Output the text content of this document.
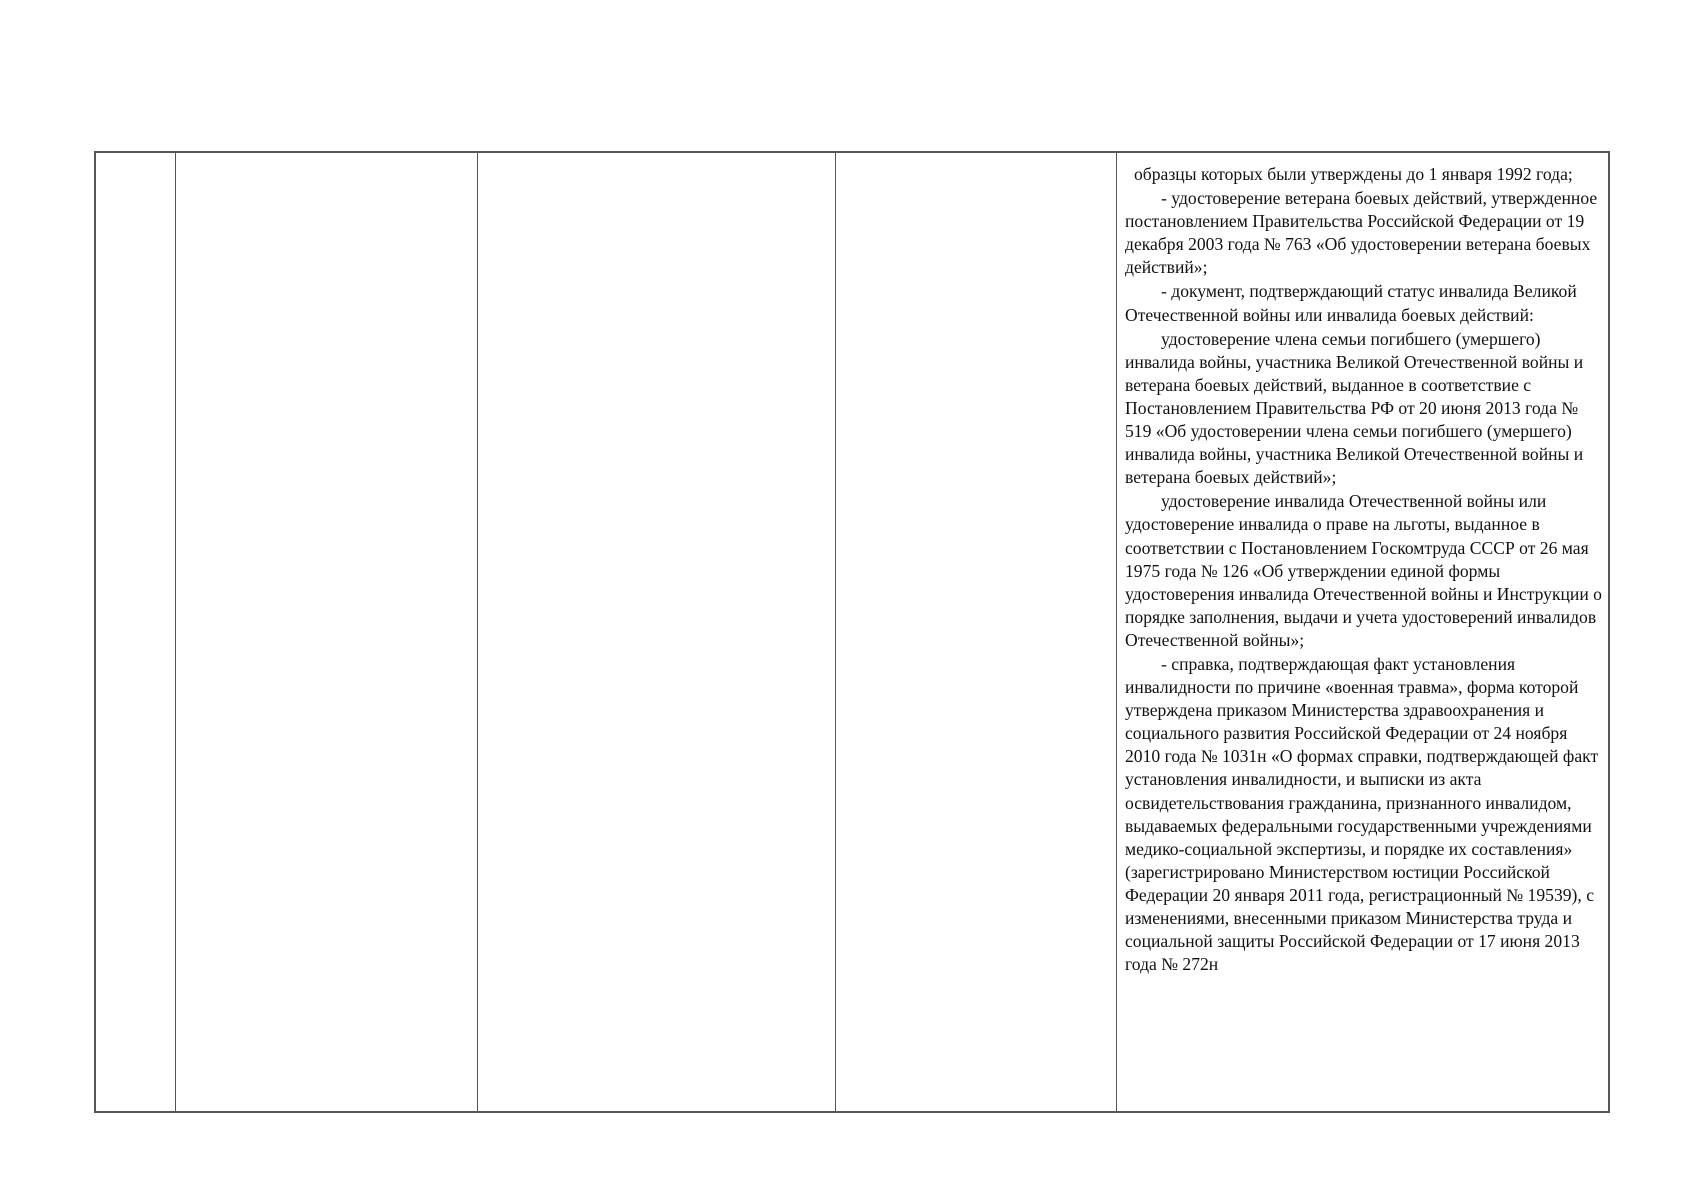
образцы которых были утверждены до 1 января 1992 года;

- удостоверение ветерана боевых действий, утвержденное постановлением Правительства Российской Федерации от 19 декабря 2003 года № 763 «Об удостоверении ветерана боевых действий»;

- документ, подтверждающий статус инвалида Великой Отечественной войны или инвалида боевых действий:

удостоверение члена семьи погибшего (умершего) инвалида войны, участника Великой Отечественной войны и ветерана боевых действий, выданное в соответствие с Постановлением Правительства РФ от 20 июня 2013 года № 519 «Об удостоверении члена семьи погибшего (умершего) инвалида войны, участника Великой Отечественной войны и ветерана боевых действий»;

удостоверение инвалида Отечественной войны или удостоверение инвалида о праве на льготы, выданное в соответствии с Постановлением Госкомтруда СССР от 26 мая 1975 года № 126 «Об утверждении единой формы удостоверения инвалида Отечественной войны и Инструкции о порядке заполнения, выдачи и учета удостоверений инвалидов Отечественной войны»;

- справка, подтверждающая факт установления инвалидности по причине «военная травма», форма которой утверждена приказом Министерства здравоохранения и социального развития Российской Федерации от 24 ноября 2010 года № 1031н «О формах справки, подтверждающей факт установления инвалидности, и выписки из акта освидетельствования гражданина, признанного инвалидом, выдаваемых федеральными государственными учреждениями медико-социальной экспертизы, и порядке их составления» (зарегистрировано Министерством юстиции Российской Федерации 20 января 2011 года, регистрационный № 19539), с изменениями, внесенными приказом Министерства труда и социальной защиты Российской Федерации от 17 июня 2013 года № 272н
